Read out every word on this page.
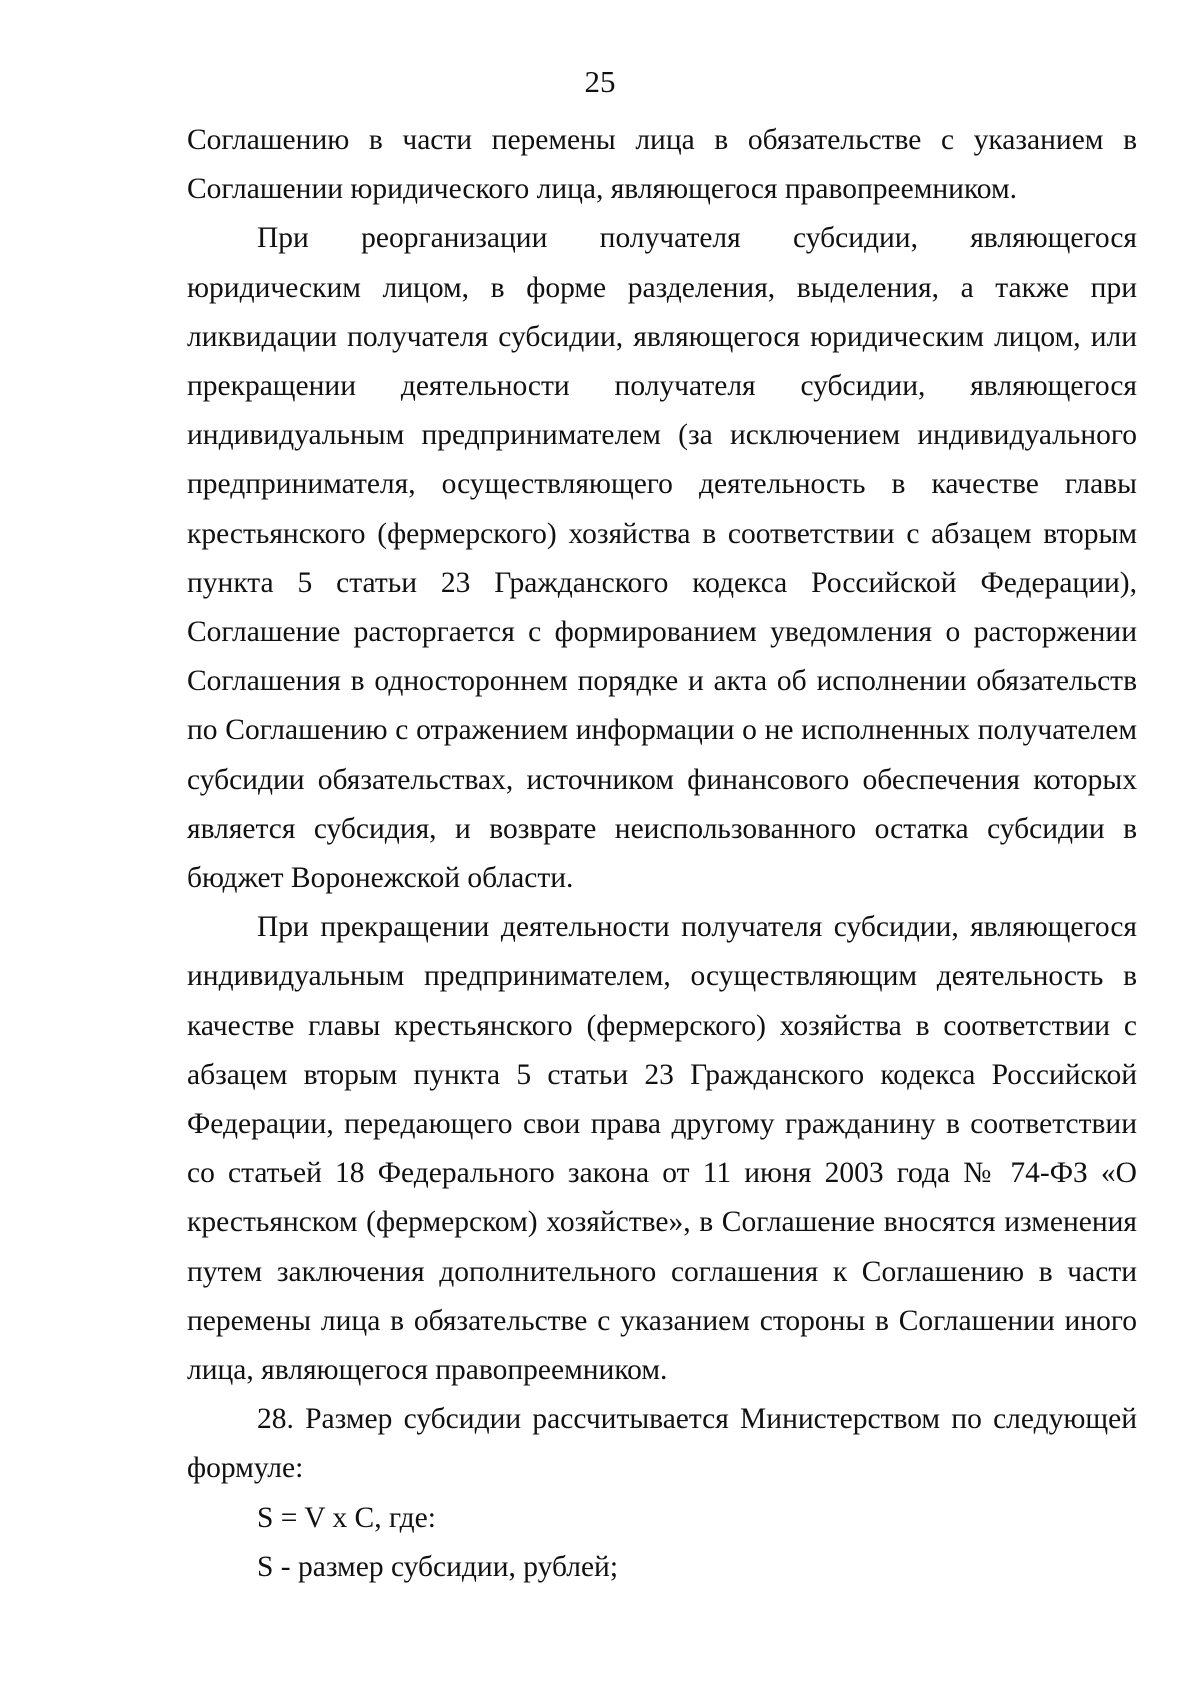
25

Соглашению в части перемены лица в обязательстве с указанием в Соглашении юридического лица, являющегося правопреемником.

При реорганизации получателя субсидии, являющегося юридическим лицом, в форме разделения, выделения, а также при ликвидации получателя субсидии, являющегося юридическим лицом, или прекращении деятельности получателя субсидии, являющегося индивидуальным предпринимателем (за исключением индивидуального предпринимателя, осуществляющего деятельность в качестве главы крестьянского (фермерского) хозяйства в соответствии с абзацем вторым пункта 5 статьи 23 Гражданского кодекса Российской Федерации), Соглашение расторгается с формированием уведомления о расторжении Соглашения в одностороннем порядке и акта об исполнении обязательств по Соглашению с отражением информации о не исполненных получателем субсидии обязательствах, источником финансового обеспечения которых является субсидия, и возврате неиспользованного остатка субсидии в бюджет Воронежской области.

При прекращении деятельности получателя субсидии, являющегося индивидуальным предпринимателем, осуществляющим деятельность в качестве главы крестьянского (фермерского) хозяйства в соответствии с абзацем вторым пункта 5 статьи 23 Гражданского кодекса Российской Федерации, передающего свои права другому гражданину в соответствии со статьей 18 Федерального закона от 11 июня 2003 года № 74-ФЗ «О крестьянском (фермерском) хозяйстве», в Соглашение вносятся изменения путем заключения дополнительного соглашения к Соглашению в части перемены лица в обязательстве с указанием стороны в Соглашении иного лица, являющегося правопреемником.

28. Размер субсидии рассчитывается Министерством по следующей формуле:

S = V x C, где:

S - размер субсидии, рублей;
